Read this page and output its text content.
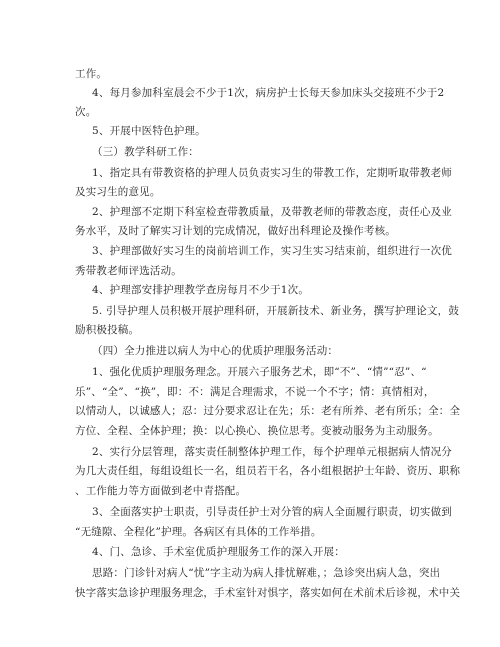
工作。
4、每月参加科室晨会不少于1次，病房护士长每天参加床头交接班不少于2
次。
5、开展中医特色护理。
（三）教学科研工作：
1、指定具有带教资格的护理人员负责实习生的带教工作，定期听取带教老师
及实习生的意见。
2、护理部不定期下科室检查带教质量，及带教老师的带教态度，责任心及业
务水平，及时了解实习计划的完成情况，做好出科理论及操作考核。
3、护理部做好实习生的岗前培训工作，实习生实习结束前，组织进行一次优
秀带教老师评选活动。
4、护理部安排护理教学查房每月不少于1次。
5. 引导护理人员积极开展护理科研，开展新技术、新业务，撰写护理论文，鼓
励积极投稿。
（四）全力推进以病人为中心的优质护理服务活动：
1、强化优质护理服务理念。开展六子服务艺术，即“不”、“情”“忍”、“
乐”、“全”、“换”，即：不：满足合理需求，不说一个不字；情：真情相对，
以情动人，以诚感人；忍：过分要求忍让在先；乐：老有所养、老有所乐；全：全
方位、全程、全体护理；换：以心换心、换位思考。变被动服务为主动服务。
2、实行分层管理，落实责任制整体护理工作，每个护理单元根据病人情况分
为几大责任组，每组设组长一名，组员若干名，各小组根据护士年龄、资历、职称
、工作能力等方面做到老中青搭配。
3、全面落实护士职责，引导责任护士对分管的病人全面履行职责，切实做到
“无缝隙、全程化”护理。各病区有具体的工作举措。
4、门、急诊、手术室优质护理服务工作的深入开展：
思路：门诊针对病人“忧”字主动为病人排忧解难，；急诊突出病人急，突出
快字落实急诊护理服务理念，手术室针对惧字，落实如何在术前术后诊视，术中关
